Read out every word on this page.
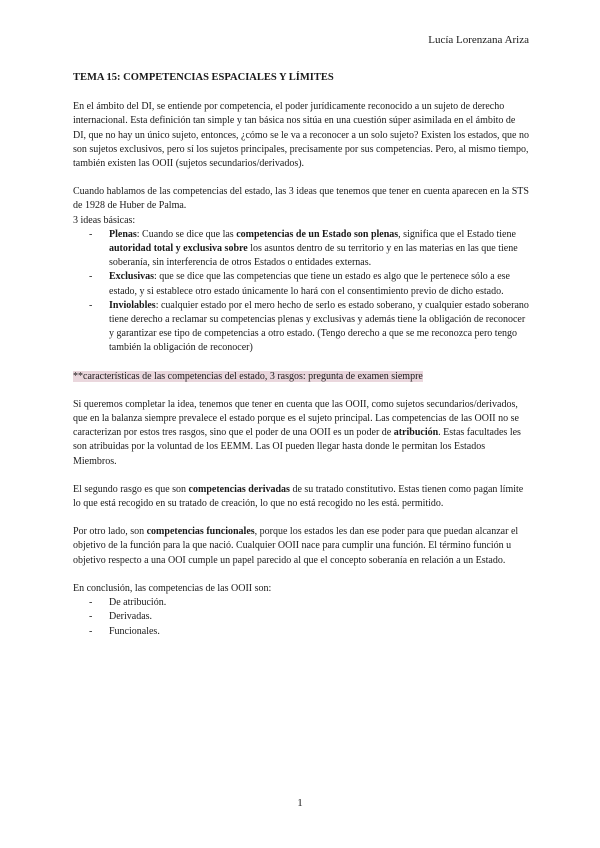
Lucía Lorenzana Ariza

TEMA 15: COMPETENCIAS ESPACIALES Y LÍMITES

En el ámbito del DI, se entiende por competencia, el poder jurídicamente reconocido a un sujeto de derecho internacional. Esta definición tan simple y tan básica nos sitúa en una cuestión súper asimilada en el ámbito de DI, que no hay un único sujeto, entonces, ¿cómo se le va a reconocer a un solo sujeto? Existen los estados, que no son sujetos exclusivos, pero sí los sujetos principales, precisamente por sus competencias. Pero, al mismo tiempo, también existen las OOII (sujetos secundarios/derivados).

Cuando hablamos de las competencias del estado, las 3 ideas que tenemos que tener en cuenta aparecen en la STS de 1928 de Huber de Palma.

3 ideas básicas:

- Plenas: Cuando se dice que las competencias de un Estado son plenas, significa que el Estado tiene autoridad total y exclusiva sobre los asuntos dentro de su territorio y en las materias en las que tiene soberanía, sin interferencia de otros Estados o entidades externas.
- Exclusivas: que se dice que las competencias que tiene un estado es algo que le pertenece sólo a ese estado, y si establece otro estado únicamente lo hará con el consentimiento previo de dicho estado.
- Inviolables: cualquier estado por el mero hecho de serlo es estado soberano, y cualquier estado soberano tiene derecho a reclamar su competencias plenas y exclusivas y además tiene la obligación de reconocer y garantizar ese tipo de competencias a otro estado. (Tengo derecho a que se me reconozca pero tengo también la obligación de reconocer)

**características de las competencias del estado, 3 rasgos: pregunta de examen siempre

Si queremos completar la idea, tenemos que tener en cuenta que las OOII, como sujetos secundarios/derivados, que en la balanza siempre prevalece el estado porque es el sujeto principal. Las competencias de las OOII no se caracterizan por estos tres rasgos, sino que el poder de una OOII es un poder de atribución. Estas facultades les son atribuidas por la voluntad de los EEMM. Las OI pueden llegar hasta donde le permitan los Estados Miembros.

El segundo rasgo es que son competencias derivadas de su tratado constitutivo. Estas tienen como pagan límite lo que está recogido en su tratado de creación, lo que no está recogido no les está. permitido.

Por otro lado, son competencias funcionales, porque los estados les dan ese poder para que puedan alcanzar el objetivo de la función para la que nació. Cualquier OOII nace para cumplir una función. El término función u objetivo respecto a una OOI cumple un papel parecido al que el concepto soberanía en relación a un Estado.

En conclusión, las competencias de las OOII son:

- De atribución.
- Derivadas.
- Funcionales.
1
